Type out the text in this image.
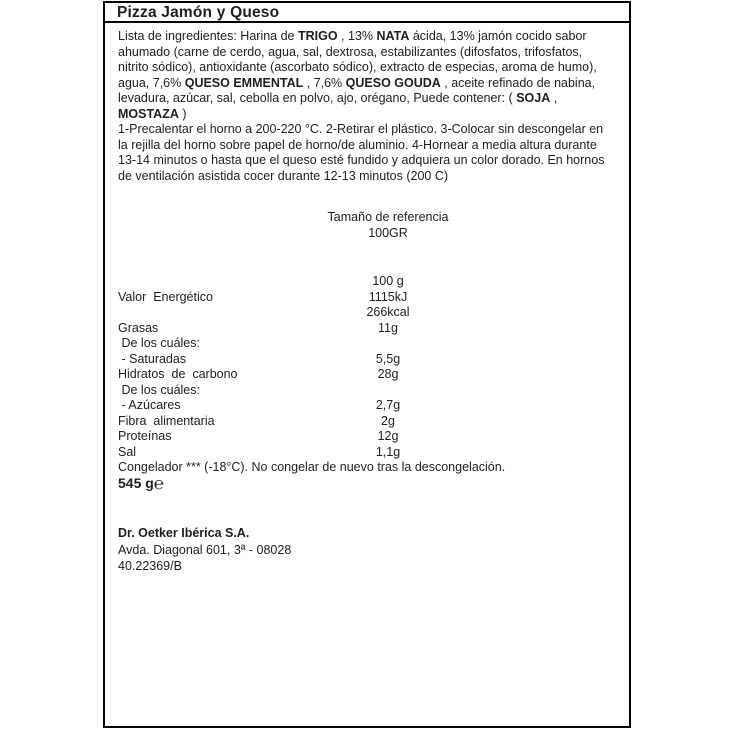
Pizza Jamón y Queso

Lista de ingredientes: Harina de TRIGO , 13% NATA ácida, 13% jamón cocido sabor ahumado (carne de cerdo, agua, sal, dextrosa, estabilizantes (difosfatos, trifosfatos, nitrito sódico), antioxidante (ascorbato sódico), extracto de especias, aroma de humo), agua, 7,6% QUESO EMMENTAL , 7,6% QUESO GOUDA , aceite refinado de nabina, levadura, azúcar, sal, cebolla en polvo, ajo, orégano, Puede contener: ( SOJA , MOSTAZA )

1-Precalentar el horno a 200-220 °C. 2-Retirar el plástico. 3-Colocar sin descongelar en la rejilla del horno sobre papel de horno/de aluminio. 4-Hornear a media altura durante 13-14 minutos o hasta que el queso esté fundido y adquiera un color dorado. En hornos de ventilación asistida cocer durante 12-13 minutos (200 C)

Tamaño de referencia
100GR
100 g
Valor  Energético	1115kJ
266kcal
Grasas	11g
De los cuáles:
- Saturadas	5,5g
Hidratos  de  carbono	28g
De los cuáles:
- Azúcares	2,7g
Fibra  alimentaria	2g
Proteínas	12g
Sal	1,1g

Congelador *** (-18°C). No congelar de nuevo tras la descongelación.

545 g℮

Dr. Oetker Ibérica S.A.
Avda. Diagonal 601, 3ª - 08028
40.22369/B
